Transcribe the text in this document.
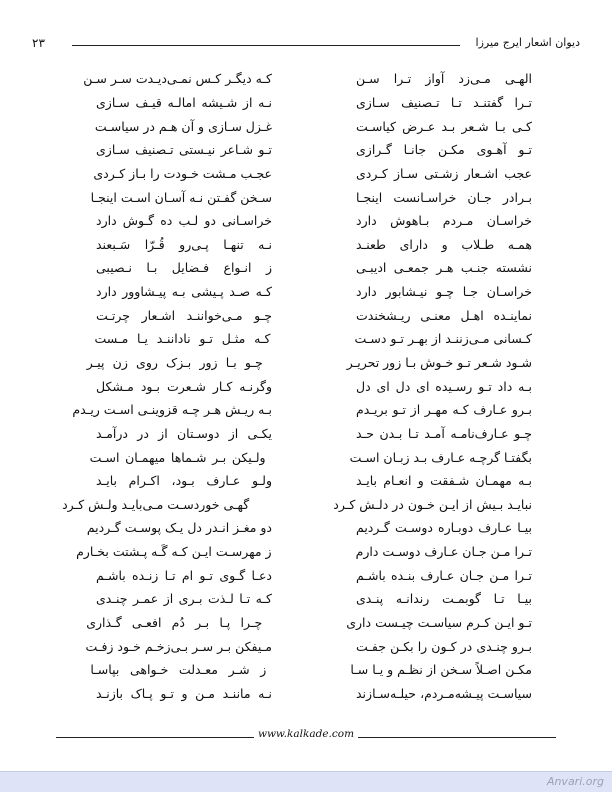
۲۳	دیوان اشعار ایرج میرزا
الهـی مـی‌زد آواز تـرا سـن
کـه دیگـر کـس نمـی‌دیـدت سـر سـن
تـرا گفتنـد تـا تـصنیف سـازی
نـه از شـیشه امالـه قیـف سـازی
کـی بـا شـعر بـد عـرض کیاسـت
غـزل سـازی و آن هـم در سیاسـت
تـو آهـوی مکـن جانـا گـرازی
تـو شـاعر نیـستی تـصنیف سـازی
عجب اشـعار زشـتی سـاز کـردی
عجـب مـشت خـودت را بـاز کـردی
بـرادر جـان خراسـانست اینجـا
سـخن گفـتن نـه آسـان اسـت اینجـا
خراسـان مـردم بـاهوش دارد
خراسـانی دو لـب ده گـوش دارد
همـه طـلاب و دارای طعنـد
نـه تنهـا پـی‌رو قُـرّا سَـبعند
نشسته جنـب هـر جمعـی ادیبـی
ز انـواع فـضایل بـا نـصیبی
خراسـان جـا چـو نیـشابور دارد
کـه صـد پـیشی بـه پیـشاوور دارد
نماینـده اهـل معنـی ریـشخندت
چـو مـی‌خواننـد اشـعار چرتـت
کـسانی مـی‌زننـد از بهـر تـو دسـت
کـه مثـل تـو ناداننـد یـا مـست
شـود شـعر تـو خـوش بـا زور تحریـر
چـو بـا زور بـزک روی زن پیـر
بـه داد تـو رسـیده ای دل ای دل
وگرنـه کـار شـعرت بـود مـشکل
بـرو عـارف کـه مهـر از تـو بریـدم
بـه ریـش هـر چـه قزوینـی اسـت ریـدم
چـو عـارف‌نامـه آمـد تـا بـدن حـد
یکـی از دوسـتان از در درآمـد
بگفتـا گرچـه عـارف بـد زبـان اسـت
ولـیکن بـر شـماها میهمـان اسـت
بـه مهمـان شـفقت و انعـام بایـد
ولـو عـارف بـود، اکـرام بایـد
نبایـد بـیش از ایـن خـون در دلـش کـرد
گهـی خوردسـت مـی‌بایـد ولـش کـرد
بیـا عـارف دوبـاره دوسـت گـردیم
دو مغـز انـدر دل یـک پوسـت گـردیم
تـرا مـن جـان عـارف دوسـت دارم
ز مهرسـت ایـن کـه گَـه پـشتت بخـارم
تـرا مـن جـان عـارف بنـده باشـم
دعـا گـوی تـو ام تـا زنـده باشـم
بیـا تـا گوبمـت رندانـه پنـدی
کـه تـا لـذت بـری از عمـر چنـدی
تـو ایـن کـرم سیاسـت چیـست داری
چـرا پـا بـر دُم افعـی گـذاری
بـرو چنـدی در کـون را بکـن جفـت
مـیفکن بـر سـر بـی‌زخـم خـود زفـت
مکـن اصـلاً سـخن از نظـم و یـا سـا
ز شـر معـدلت خـواهی بپاسـا
سیاسـت پیـشه‌مـردم، حیلـه‌سـازند
نـه ماننـد مـن و تـو پـاک بازنـد
www.kalkade.com
Anvari.org
